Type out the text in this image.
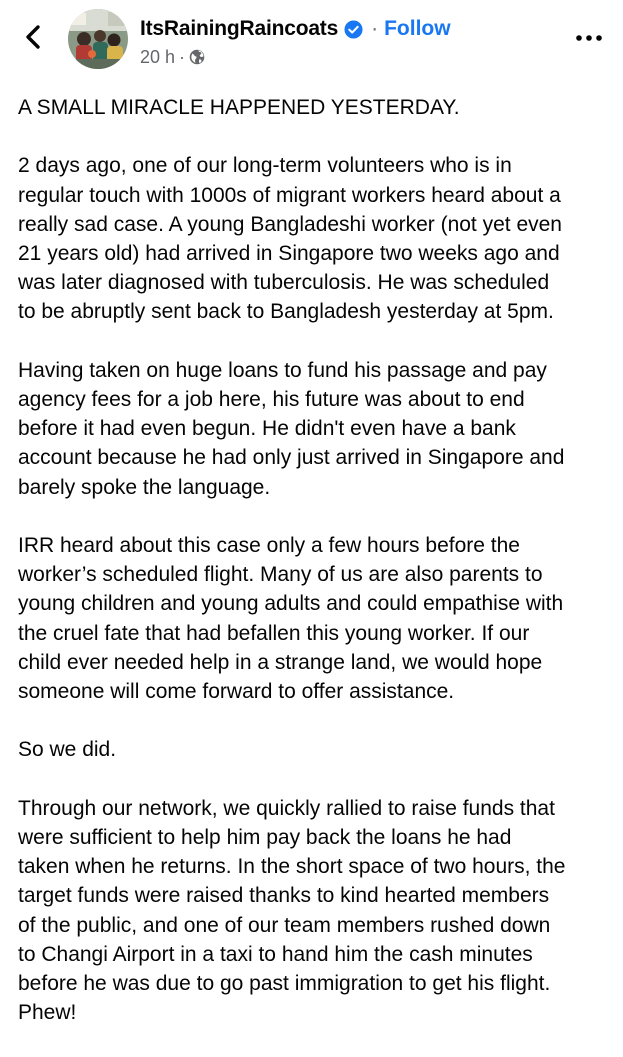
ItsRainingRaincoats · Follow
20 h ·

A SMALL MIRACLE HAPPENED YESTERDAY.

2 days ago, one of our long-term volunteers who is in
regular touch with 1000s of migrant workers heard about a
really sad case. A young Bangladeshi worker (not yet even
21 years old) had arrived in Singapore two weeks ago and
was later diagnosed with tuberculosis. He was scheduled
to be abruptly sent back to Bangladesh yesterday at 5pm.

Having taken on huge loans to fund his passage and pay
agency fees for a job here, his future was about to end
before it had even begun. He didn't even have a bank
account because he had only just arrived in Singapore and
barely spoke the language.

IRR heard about this case only a few hours before the
worker’s scheduled flight. Many of us are also parents to
young children and young adults and could empathise with
the cruel fate that had befallen this young worker. If our
child ever needed help in a strange land, we would hope
someone will come forward to offer assistance.

So we did.

Through our network, we quickly rallied to raise funds that
were sufficient to help him pay back the loans he had
taken when he returns. In the short space of two hours, the
target funds were raised thanks to kind hearted members
of the public, and one of our team members rushed down
to Changi Airport in a taxi to hand him the cash minutes
before he was due to go past immigration to get his flight.
Phew!
